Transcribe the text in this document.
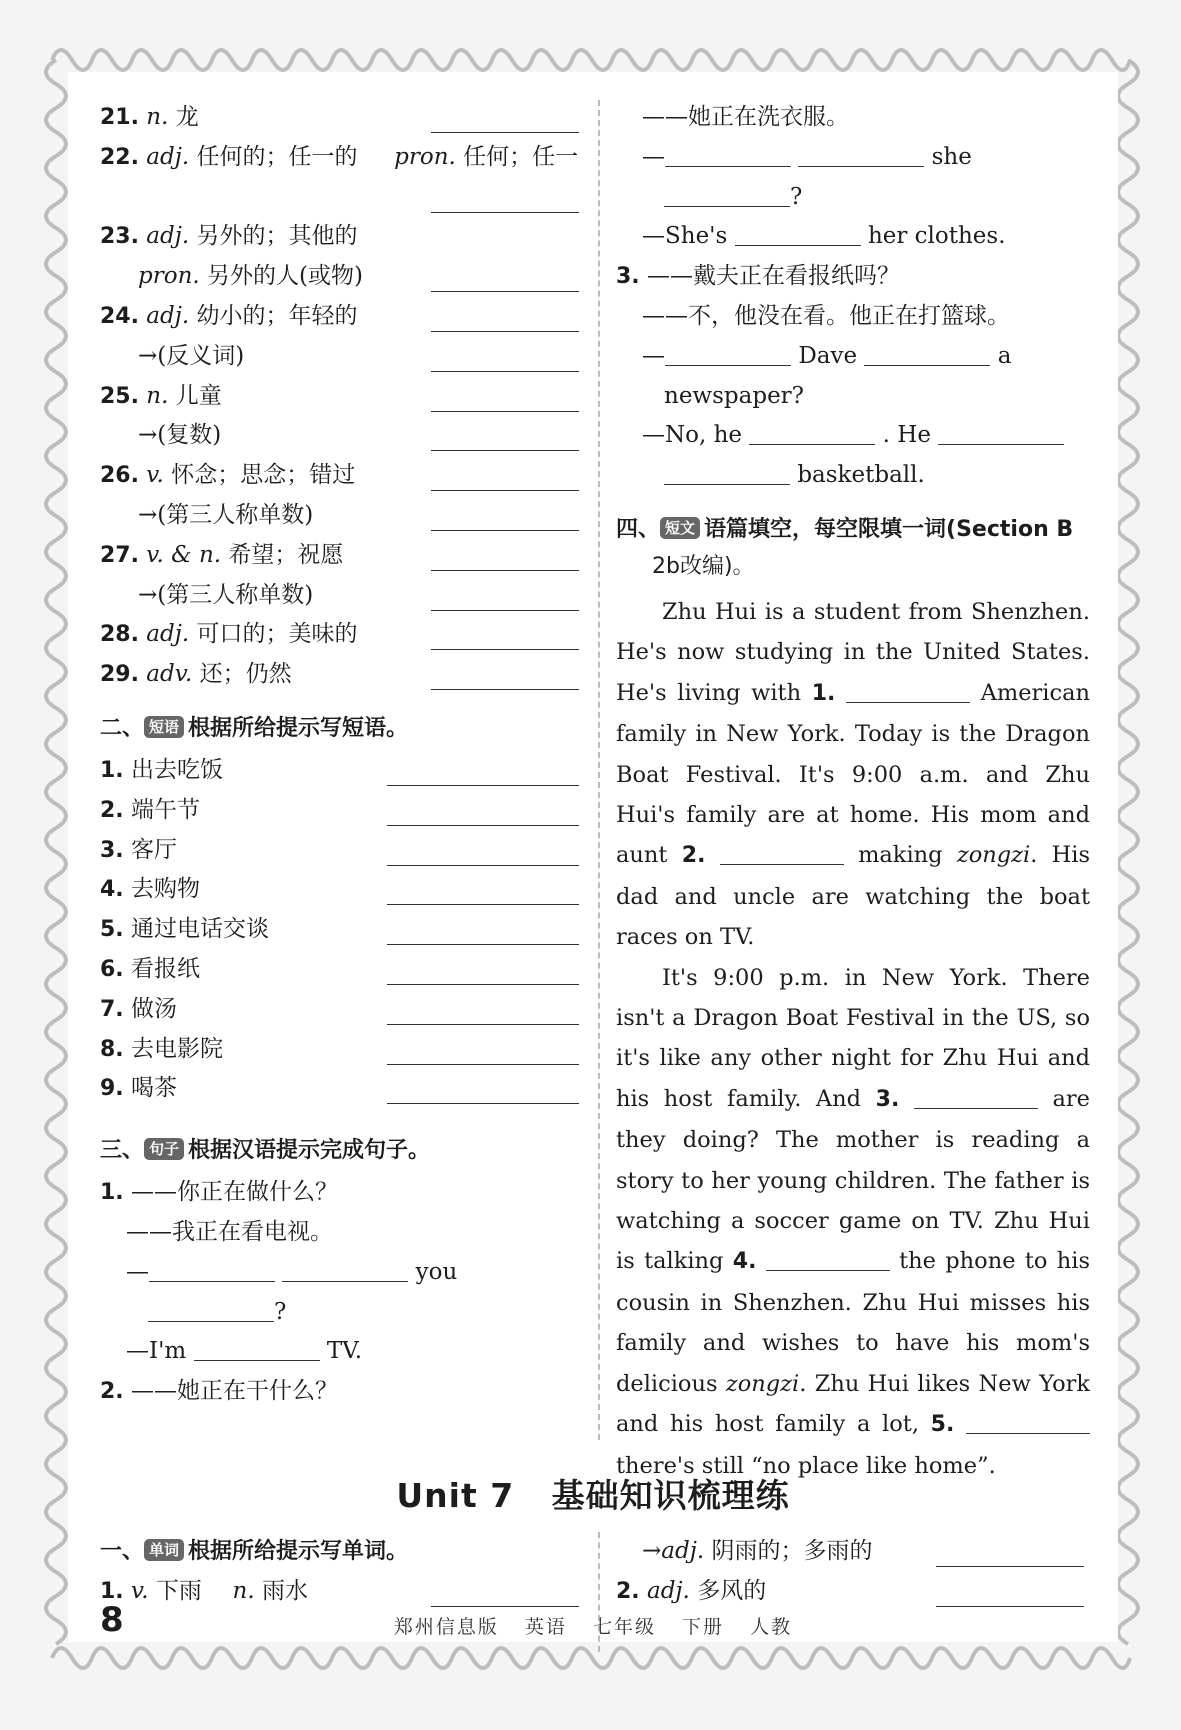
21. n. 龙
22. adj. 任何的；任一的 pron. 任何；任一
23. adj. 另外的；其他的
pron. 另外的人(或物)
24. adj. 幼小的；年轻的
→(反义词)
25. n. 儿童
→(复数)
26. v. 怀念；思念；错过
→(第三人称单数)
27. v. & n. 希望；祝愿
→(第三人称单数)
28. adj. 可口的；美味的
29. adv. 还；仍然
二、 短语 根据所给提示写短语。
1. 出去吃饭
2. 端午节
3. 客厅
4. 去购物
5. 通过电话交谈
6. 看报纸
7. 做汤
8. 去电影院
9. 喝茶
三、 句子 根据汉语提示完成句子。
1. ——你正在做什么？
——我正在看电视。
—	you
?
—I'm	TV.
2. ——她正在干什么？
——她正在洗衣服。
—	she
?
—She's	her clothes.
3. ——戴夫正在看报纸吗？
——不，他没在看。他正在打篮球。
—	Dave	a
newspaper?
—No, he	. He
basketball.
四、 短文 语篇填空，每空限填一词(Section B
2b改编)。

Zhu Hui is a student from Shenzhen. He's now studying in the United States. He's living with 1.	American family in New York. Today is the Dragon Boat Festival. It's 9:00 a.m. and Zhu Hui's family are at home. His mom and aunt 2.	making zongzi. His dad and uncle are watching the boat races on TV.

It's 9:00 p.m. in New York. There isn't a Dragon Boat Festival in the US, so it's like any other night for Zhu Hui and his host family. And 3.	are they doing? The mother is reading a story to her young children. The father is watching a soccer game on TV. Zhu Hui is talking 4.	the phone to his cousin in Shenzhen. Zhu Hui misses his family and wishes to have his mom's delicious zongzi. Zhu Hui likes New York and his host family a lot, 5.  there's still “no place like home”.

Unit 7   基础知识梳理练
一、 单词 根据所给提示写单词。
1. v. 下雨 n. 雨水
→adj. 阴雨的；多雨的
2. adj. 多风的
8	郑州信息版 英语 七年级 下册 人教
